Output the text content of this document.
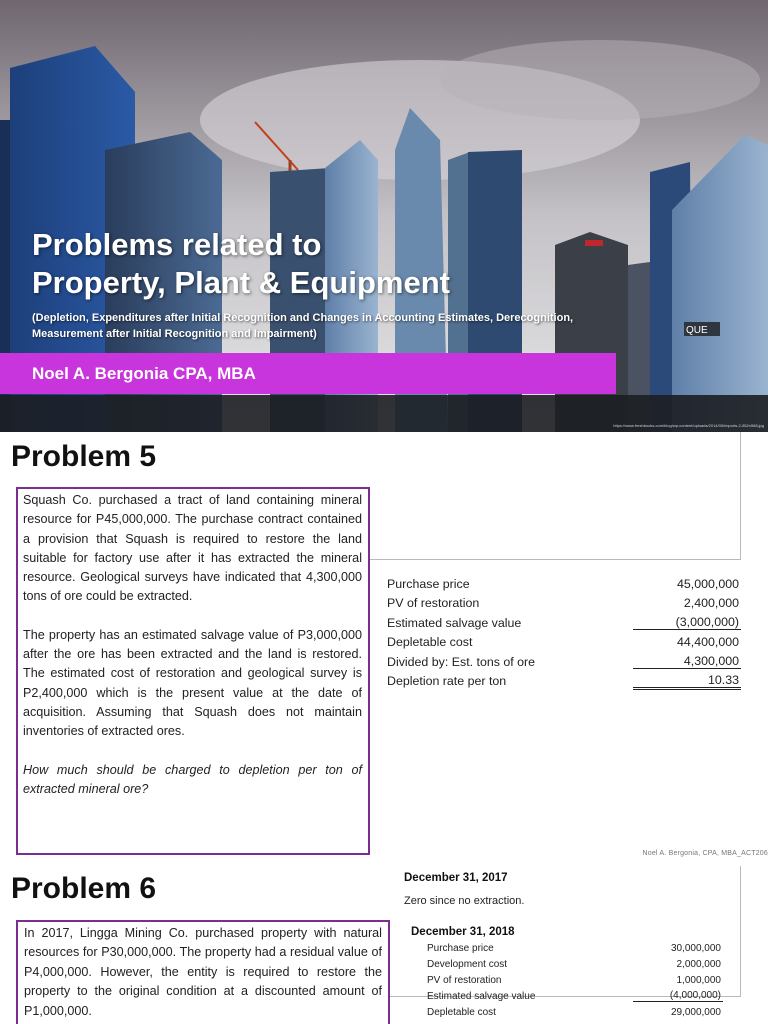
QUE
Problems related to
Property, Plant & Equipment
(Depletion, Expenditures after Initial Recognition and Changes in Accounting Estimates, Derecognition, Measurement after Initial Recognition and Impairment)
Noel A. Bergonia CPA, MBA
https://www.freshbooks.com/blog/wp-content/uploads/2014/05/imports-2-852x568.jpg
Problem 5

Squash Co. purchased a tract of land containing mineral resource for P45,000,000. The purchase contract contained a provision that Squash is required to restore the land suitable for factory use after it has extracted the mineral resource. Geological surveys have indicated that 4,300,000 tons of ore could be extracted.

The property has an estimated salvage value of P3,000,000 after the ore has been extracted and the land is restored. The estimated cost of restoration and geological survey is P2,400,000 which is the present value at the date of acquisition. Assuming that Squash does not maintain inventories of extracted ores.

How much should be charged to depletion per ton of extracted mineral ore?

Purchase price	45,000,000
PV of restoration	2,400,000
Estimated salvage value	(3,000,000)
Depletable cost	44,400,000
Divided by: Est. tons of ore	4,300,000
Depletion rate per ton	10.33
Noel A. Bergonia, CPA, MBA_ACT206
Problem 6

In 2017, Lingga Mining Co. purchased property with natural resources for P30,000,000. The property had a residual value of P4,000,000. However, the entity is required to restore the property to the original condition at a discounted amount of P1,000,000.

December 31, 2017
Zero since no extraction.
December 31, 2018
Purchase price	30,000,000
Development cost	2,000,000
PV of restoration	1,000,000
Estimated salvage value	(4,000,000)
Depletable cost	29,000,000
